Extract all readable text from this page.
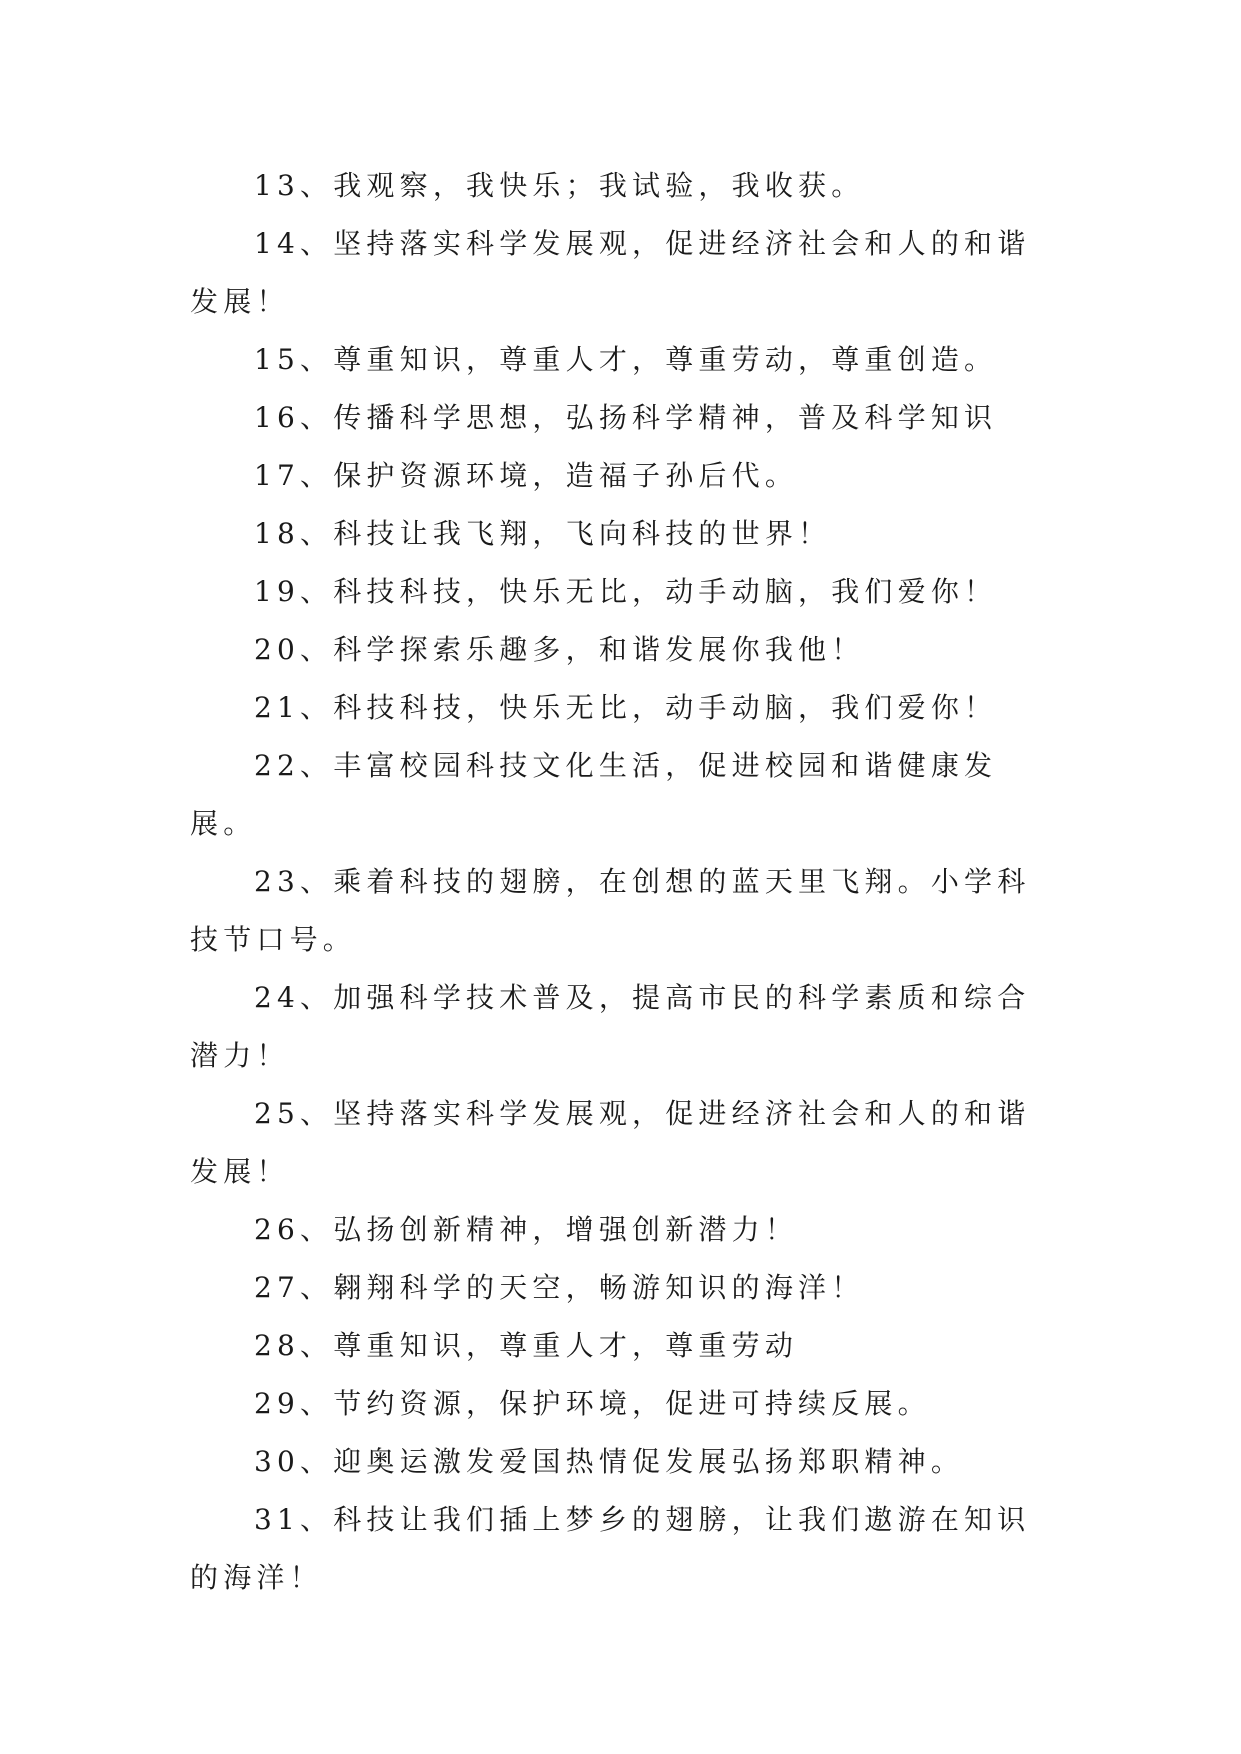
13、我观察，我快乐；我试验，我收获。

14、坚持落实科学发展观，促进经济社会和人的和谐发展！

15、尊重知识，尊重人才，尊重劳动，尊重创造。

16、传播科学思想，弘扬科学精神，普及科学知识

17、保护资源环境，造福子孙后代。

18、科技让我飞翔，飞向科技的世界！

19、科技科技，快乐无比，动手动脑，我们爱你！

20、科学探索乐趣多，和谐发展你我他！

21、科技科技，快乐无比，动手动脑，我们爱你！

22、丰富校园科技文化生活，促进校园和谐健康发展。

23、乘着科技的翅膀，在创想的蓝天里飞翔。小学科技节口号。

24、加强科学技术普及，提高市民的科学素质和综合潜力！

25、坚持落实科学发展观，促进经济社会和人的和谐发展！

26、弘扬创新精神，增强创新潜力！

27、翱翔科学的天空，畅游知识的海洋！

28、尊重知识，尊重人才，尊重劳动

29、节约资源，保护环境，促进可持续反展。

30、迎奥运激发爱国热情促发展弘扬郑职精神。

31、科技让我们插上梦乡的翅膀，让我们遨游在知识的海洋！
